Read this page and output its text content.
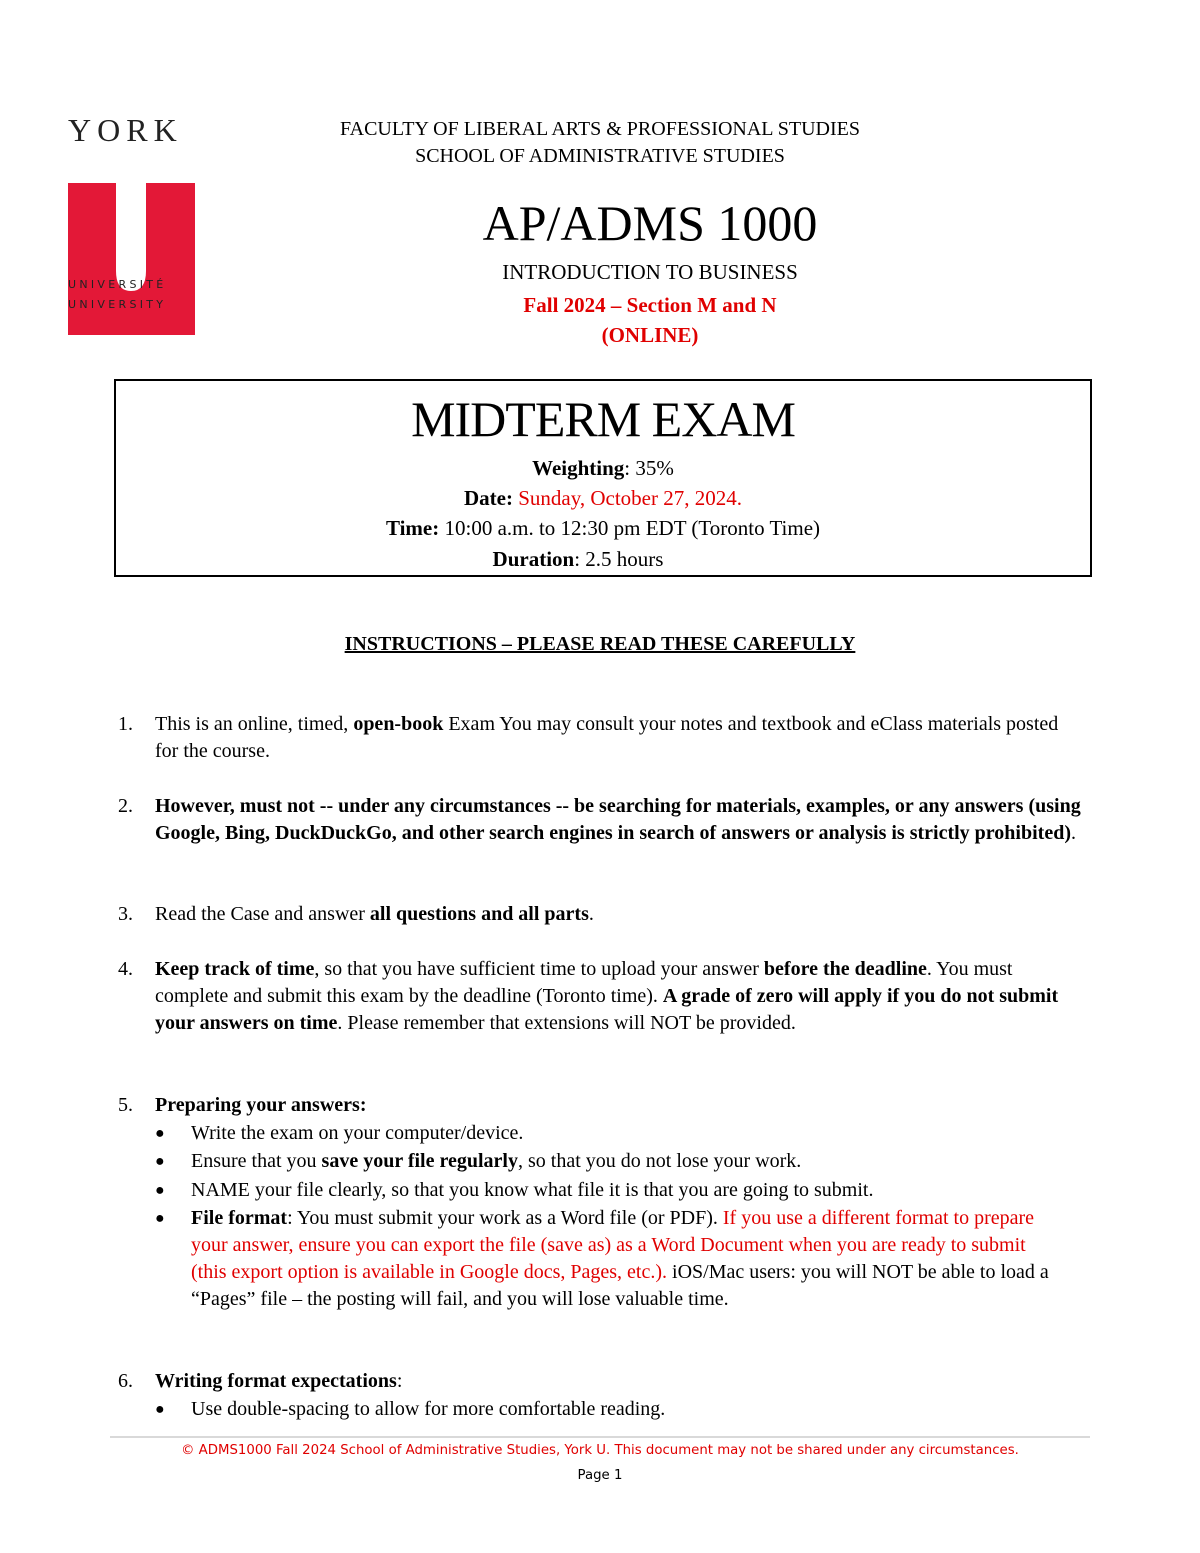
YORK
UNIVERSITÉ
UNIVERSITY
FACULTY OF LIBERAL ARTS & PROFESSIONAL STUDIES
SCHOOL OF ADMINISTRATIVE STUDIES
AP/ADMS 1000
INTRODUCTION TO BUSINESS
Fall 2024 – Section M and N
(ONLINE)
MIDTERM EXAM
Weighting: 35%
Date: Sunday, October 27, 2024.
Time: 10:00 a.m. to 12:30 pm EDT (Toronto Time)
Duration: 2.5 hours
INSTRUCTIONS – PLEASE READ THESE CAREFULLY
1. This is an online, timed, open-book Exam You may consult your notes and textbook and eClass materials posted for the course.
2. However, must not -- under any circumstances -- be searching for materials, examples, or any answers (using Google, Bing, DuckDuckGo, and other search engines in search of answers or analysis is strictly prohibited).
3. Read the Case and answer all questions and all parts.
4. Keep track of time, so that you have sufficient time to upload your answer before the deadline. You must complete and submit this exam by the deadline (Toronto time). A grade of zero will apply if you do not submit your answers on time. Please remember that extensions will NOT be provided.
5. Preparing your answers:
● Write the exam on your computer/device.
● Ensure that you save your file regularly, so that you do not lose your work.
● NAME your file clearly, so that you know what file it is that you are going to submit.
● File format: You must submit your work as a Word file (or PDF). If you use a different format to prepare your answer, ensure you can export the file (save as) as a Word Document when you are ready to submit (this export option is available in Google docs, Pages, etc.). iOS/Mac users: you will NOT be able to load a “Pages” file – the posting will fail, and you will lose valuable time.
6. Writing format expectations:
● Use double-spacing to allow for more comfortable reading.
© ADMS1000 Fall 2024 School of Administrative Studies, York U. This document may not be shared under any circumstances.
Page 1
